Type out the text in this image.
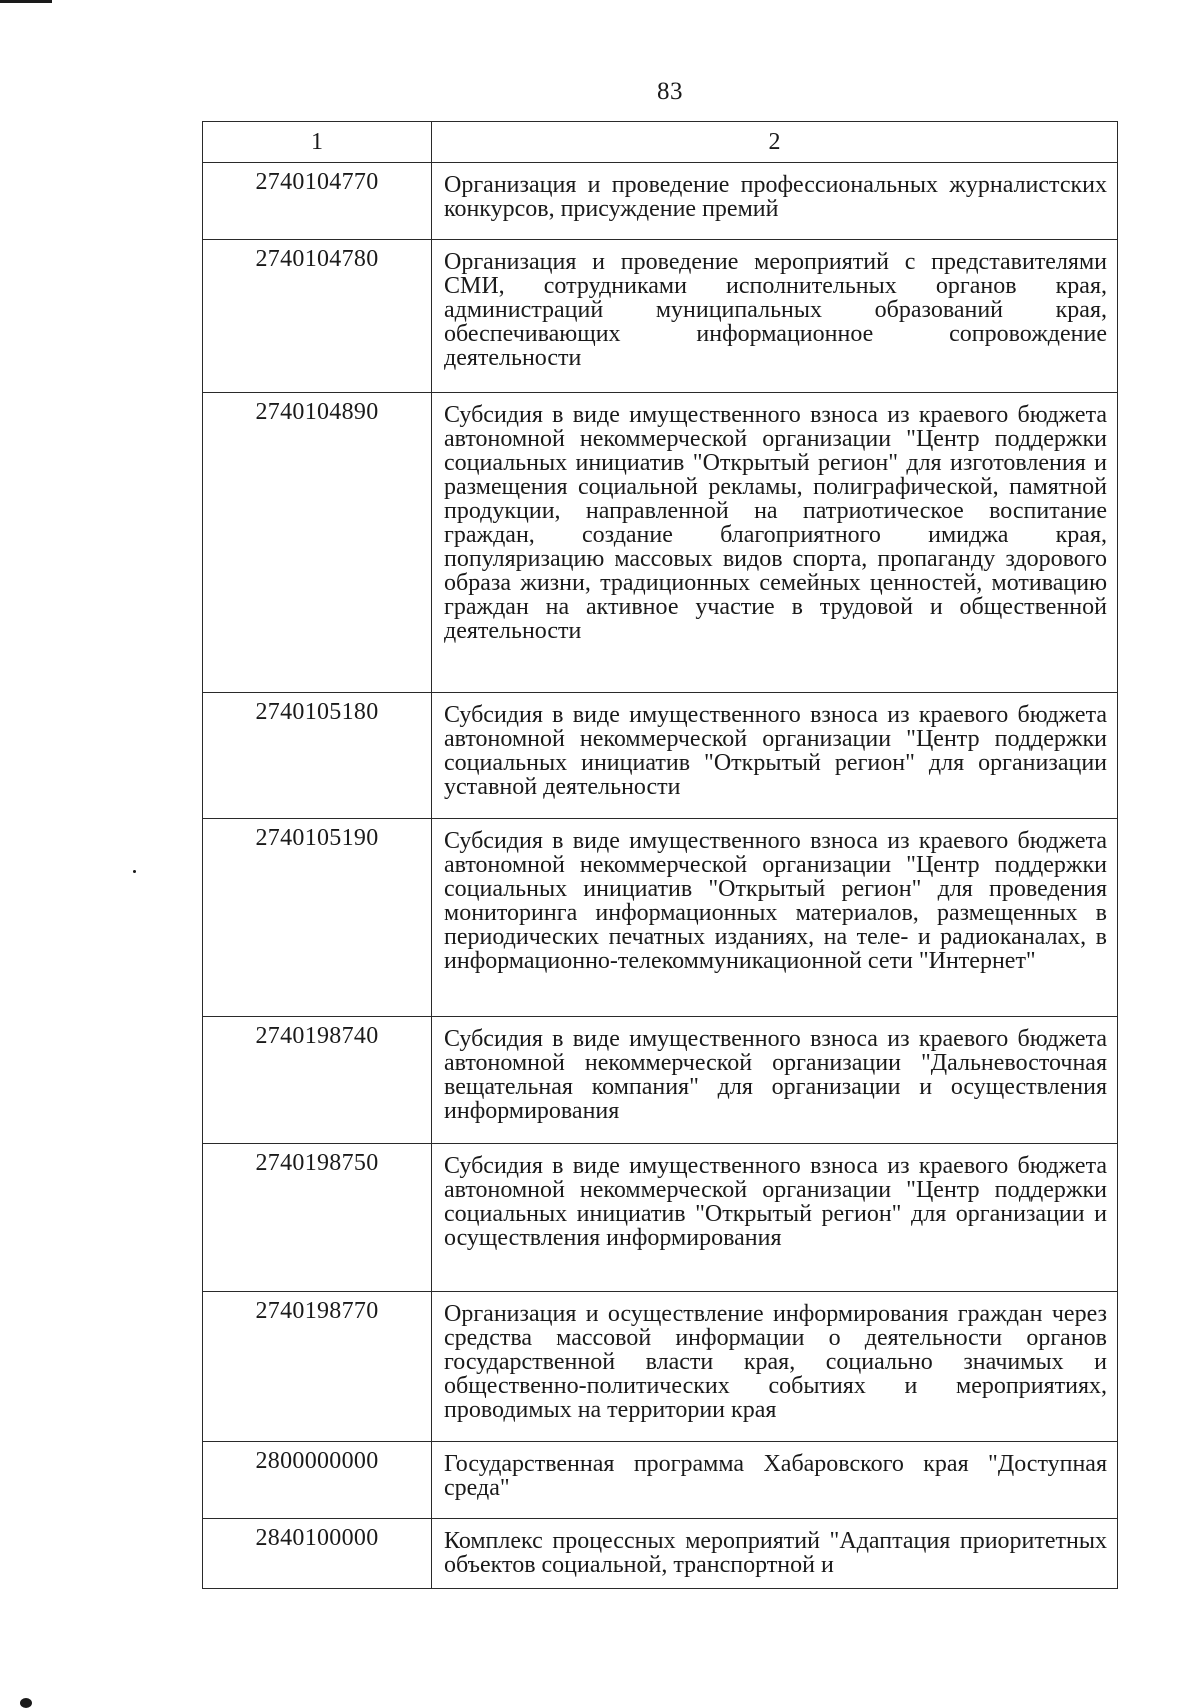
83
1	2
2740104770	Организация и проведение профессиональных журналистских конкурсов, присуждение премий
2740104780	Организация и проведение мероприятий с представителями СМИ, сотрудниками исполнительных органов края, администраций муниципальных образований края, обеспечивающих информационное сопровождение деятельности
2740104890	Субсидия в виде имущественного взноса из краевого бюджета автономной некоммерческой организации "Центр поддержки социальных инициатив "Открытый регион" для изготовления и размещения социальной рекламы, полиграфической, памятной продукции, направленной на патриотическое воспитание граждан, создание благоприятного имиджа края, популяризацию массовых видов спорта, пропаганду здорового образа жизни, традиционных семейных ценностей, мотивацию граждан на активное участие в трудовой и общественной деятельности
2740105180	Субсидия в виде имущественного взноса из краевого бюджета автономной некоммерческой организации "Центр поддержки социальных инициатив "Открытый регион" для организации уставной деятельности
2740105190	Субсидия в виде имущественного взноса из краевого бюджета автономной некоммерческой организации "Центр поддержки социальных инициатив "Открытый регион" для проведения мониторинга информационных материалов, размещенных в периодических печатных изданиях, на теле- и радиоканалах, в информационно-телекоммуникационной сети "Интернет"
2740198740	Субсидия в виде имущественного взноса из краевого бюджета автономной некоммерческой организации "Дальневосточная вещательная компания" для организации и осуществления информирования
2740198750	Субсидия в виде имущественного взноса из краевого бюджета автономной некоммерческой организации "Центр поддержки социальных инициатив "Открытый регион" для организации и осуществления информирования
2740198770	Организация и осуществление информирования граждан через средства массовой информации о деятельности органов государственной власти края, социально значимых и общественно-политических событиях и мероприятиях, проводимых на территории края
2800000000	Государственная программа Хабаровского края "Доступная среда"
2840100000	Комплекс процессных мероприятий "Адаптация приоритетных объектов социальной, транспортной и
